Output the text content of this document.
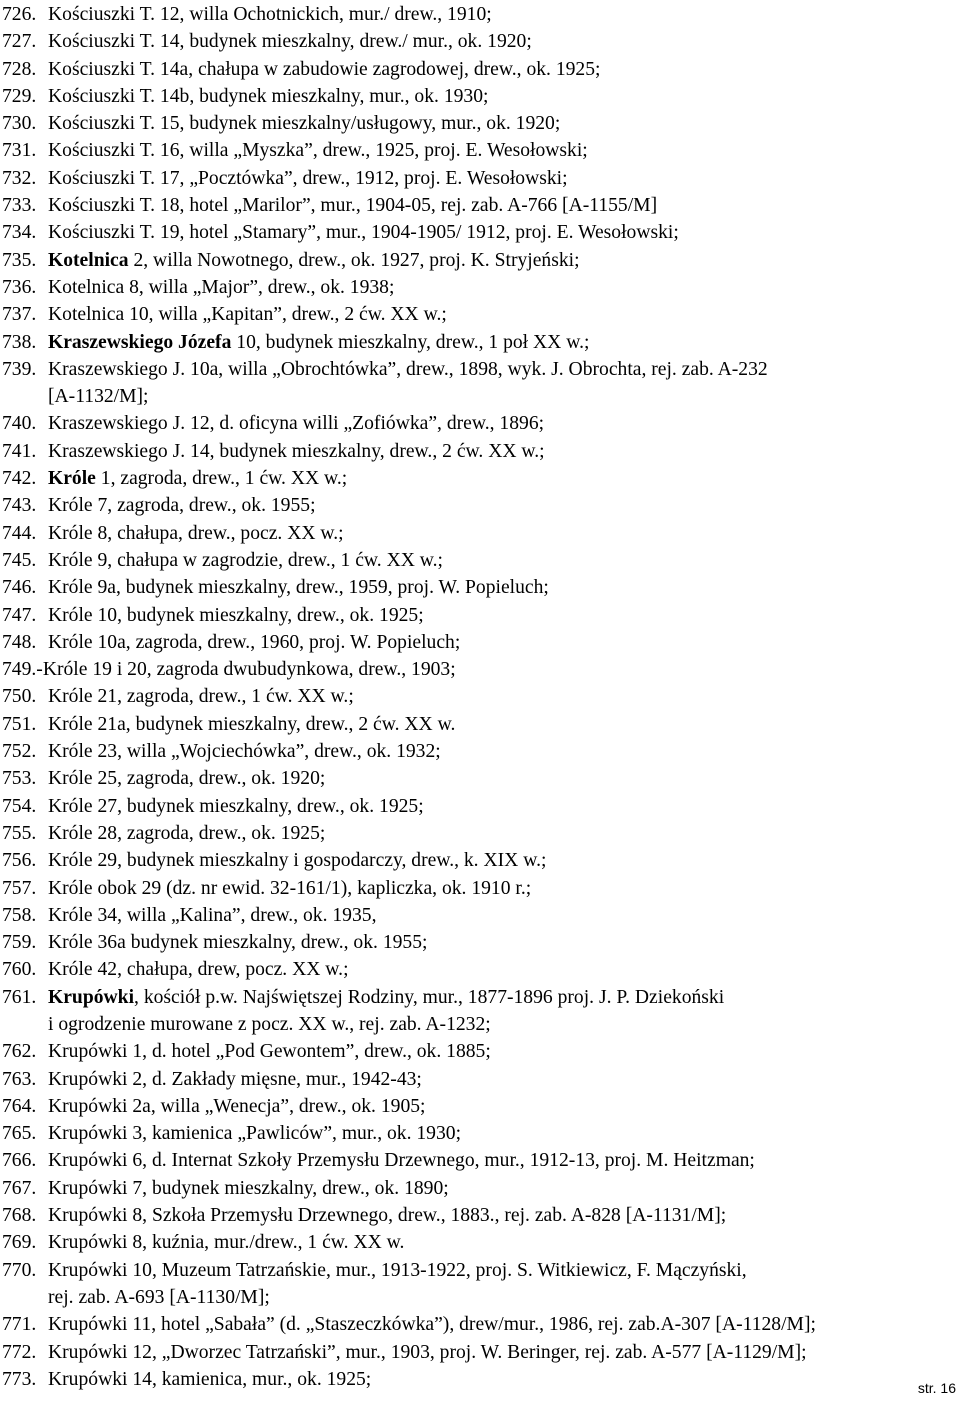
726. Kościuszki T. 12, willa Ochotnickich, mur./ drew., 1910;
727. Kościuszki T. 14, budynek mieszkalny, drew./ mur., ok. 1920;
728. Kościuszki T. 14a, chałupa w zabudowie zagrodowej, drew., ok. 1925;
729. Kościuszki T. 14b, budynek mieszkalny, mur., ok. 1930;
730. Kościuszki T. 15, budynek mieszkalny/usługowy, mur., ok. 1920;
731. Kościuszki T. 16, willa „Myszka”, drew., 1925, proj. E. Wesołowski;
732. Kościuszki T. 17, „Pocztówka”, drew., 1912, proj. E. Wesołowski;
733. Kościuszki T. 18, hotel „Marilor”, mur., 1904-05, rej. zab. A-766 [A-1155/M]
734. Kościuszki T. 19, hotel „Stamary”, mur., 1904-1905/ 1912, proj. E. Wesołowski;
735. Kotelnica 2, willa Nowotnego, drew., ok. 1927, proj. K. Stryjeński;
736. Kotelnica 8, willa „Major”, drew., ok. 1938;
737. Kotelnica 10, willa „Kapitan”, drew., 2 ćw. XX w.;
738. Kraszewskiego Józefa 10, budynek mieszkalny, drew., 1 poł XX w.;
739. Kraszewskiego J. 10a, willa „Obrochtówka”, drew., 1898, wyk. J. Obrochta, rej. zab. A-232
[A-1132/M];
740. Kraszewskiego J. 12, d. oficyna willi „Zofiówka”, drew., 1896;
741. Kraszewskiego J. 14, budynek mieszkalny, drew., 2 ćw. XX w.;
742. Króle 1, zagroda, drew., 1 ćw. XX w.;
743. Króle 7, zagroda, drew., ok. 1955;
744. Króle 8, chałupa, drew., pocz. XX w.;
745. Króle 9, chałupa w zagrodzie, drew., 1 ćw. XX w.;
746. Króle 9a, budynek mieszkalny, drew., 1959, proj. W. Popieluch;
747. Króle 10, budynek mieszkalny, drew., ok. 1925;
748. Króle 10a, zagroda, drew., 1960, proj. W. Popieluch;
749.- Króle 19 i 20, zagroda dwubudynkowa, drew., 1903;
750. Króle 21, zagroda, drew., 1 ćw. XX w.;
751. Króle 21a, budynek mieszkalny, drew., 2 ćw. XX w.
752. Króle 23, willa „Wojciechówka”, drew., ok. 1932;
753. Króle 25, zagroda, drew., ok. 1920;
754. Króle 27, budynek mieszkalny, drew., ok. 1925;
755. Króle 28, zagroda, drew., ok. 1925;
756. Króle 29, budynek mieszkalny i gospodarczy, drew., k. XIX w.;
757. Króle obok 29 (dz. nr ewid. 32-161/1), kapliczka, ok. 1910 r.;
758. Króle 34, willa „Kalina”, drew., ok. 1935,
759. Króle 36a budynek mieszkalny, drew., ok. 1955;
760. Króle 42, chałupa, drew, pocz. XX w.;
761. Krupówki, kościół p.w. Najświętszej Rodziny, mur., 1877-1896 proj. J. P. Dziekoński
i ogrodzenie murowane z pocz. XX w., rej. zab. A-1232;
762. Krupówki 1, d. hotel „Pod Gewontem”, drew., ok. 1885;
763. Krupówki 2, d. Zakłady mięsne, mur., 1942-43;
764. Krupówki 2a, willa „Wenecja”, drew., ok. 1905;
765. Krupówki 3, kamienica „Pawliców”, mur., ok. 1930;
766. Krupówki 6, d. Internat Szkoły Przemysłu Drzewnego, mur., 1912-13, proj. M. Heitzman;
767. Krupówki 7, budynek mieszkalny, drew., ok. 1890;
768. Krupówki 8, Szkoła Przemysłu Drzewnego, drew., 1883., rej. zab. A-828 [A-1131/M];
769. Krupówki 8, kuźnia, mur./drew., 1 ćw. XX w.
770. Krupówki 10, Muzeum Tatrzańskie, mur., 1913-1922, proj. S. Witkiewicz, F. Mączyński,
rej. zab. A-693 [A-1130/M];
771. Krupówki 11, hotel „Sabała” (d. „Staszeczkówka”), drew/mur., 1986, rej. zab.A-307 [A-1128/M];
772. Krupówki 12, „Dworzec Tatrzański”, mur., 1903, proj. W. Beringer, rej. zab. A-577 [A-1129/M];
773. Krupówki 14, kamienica, mur., ok. 1925;	str. 16
